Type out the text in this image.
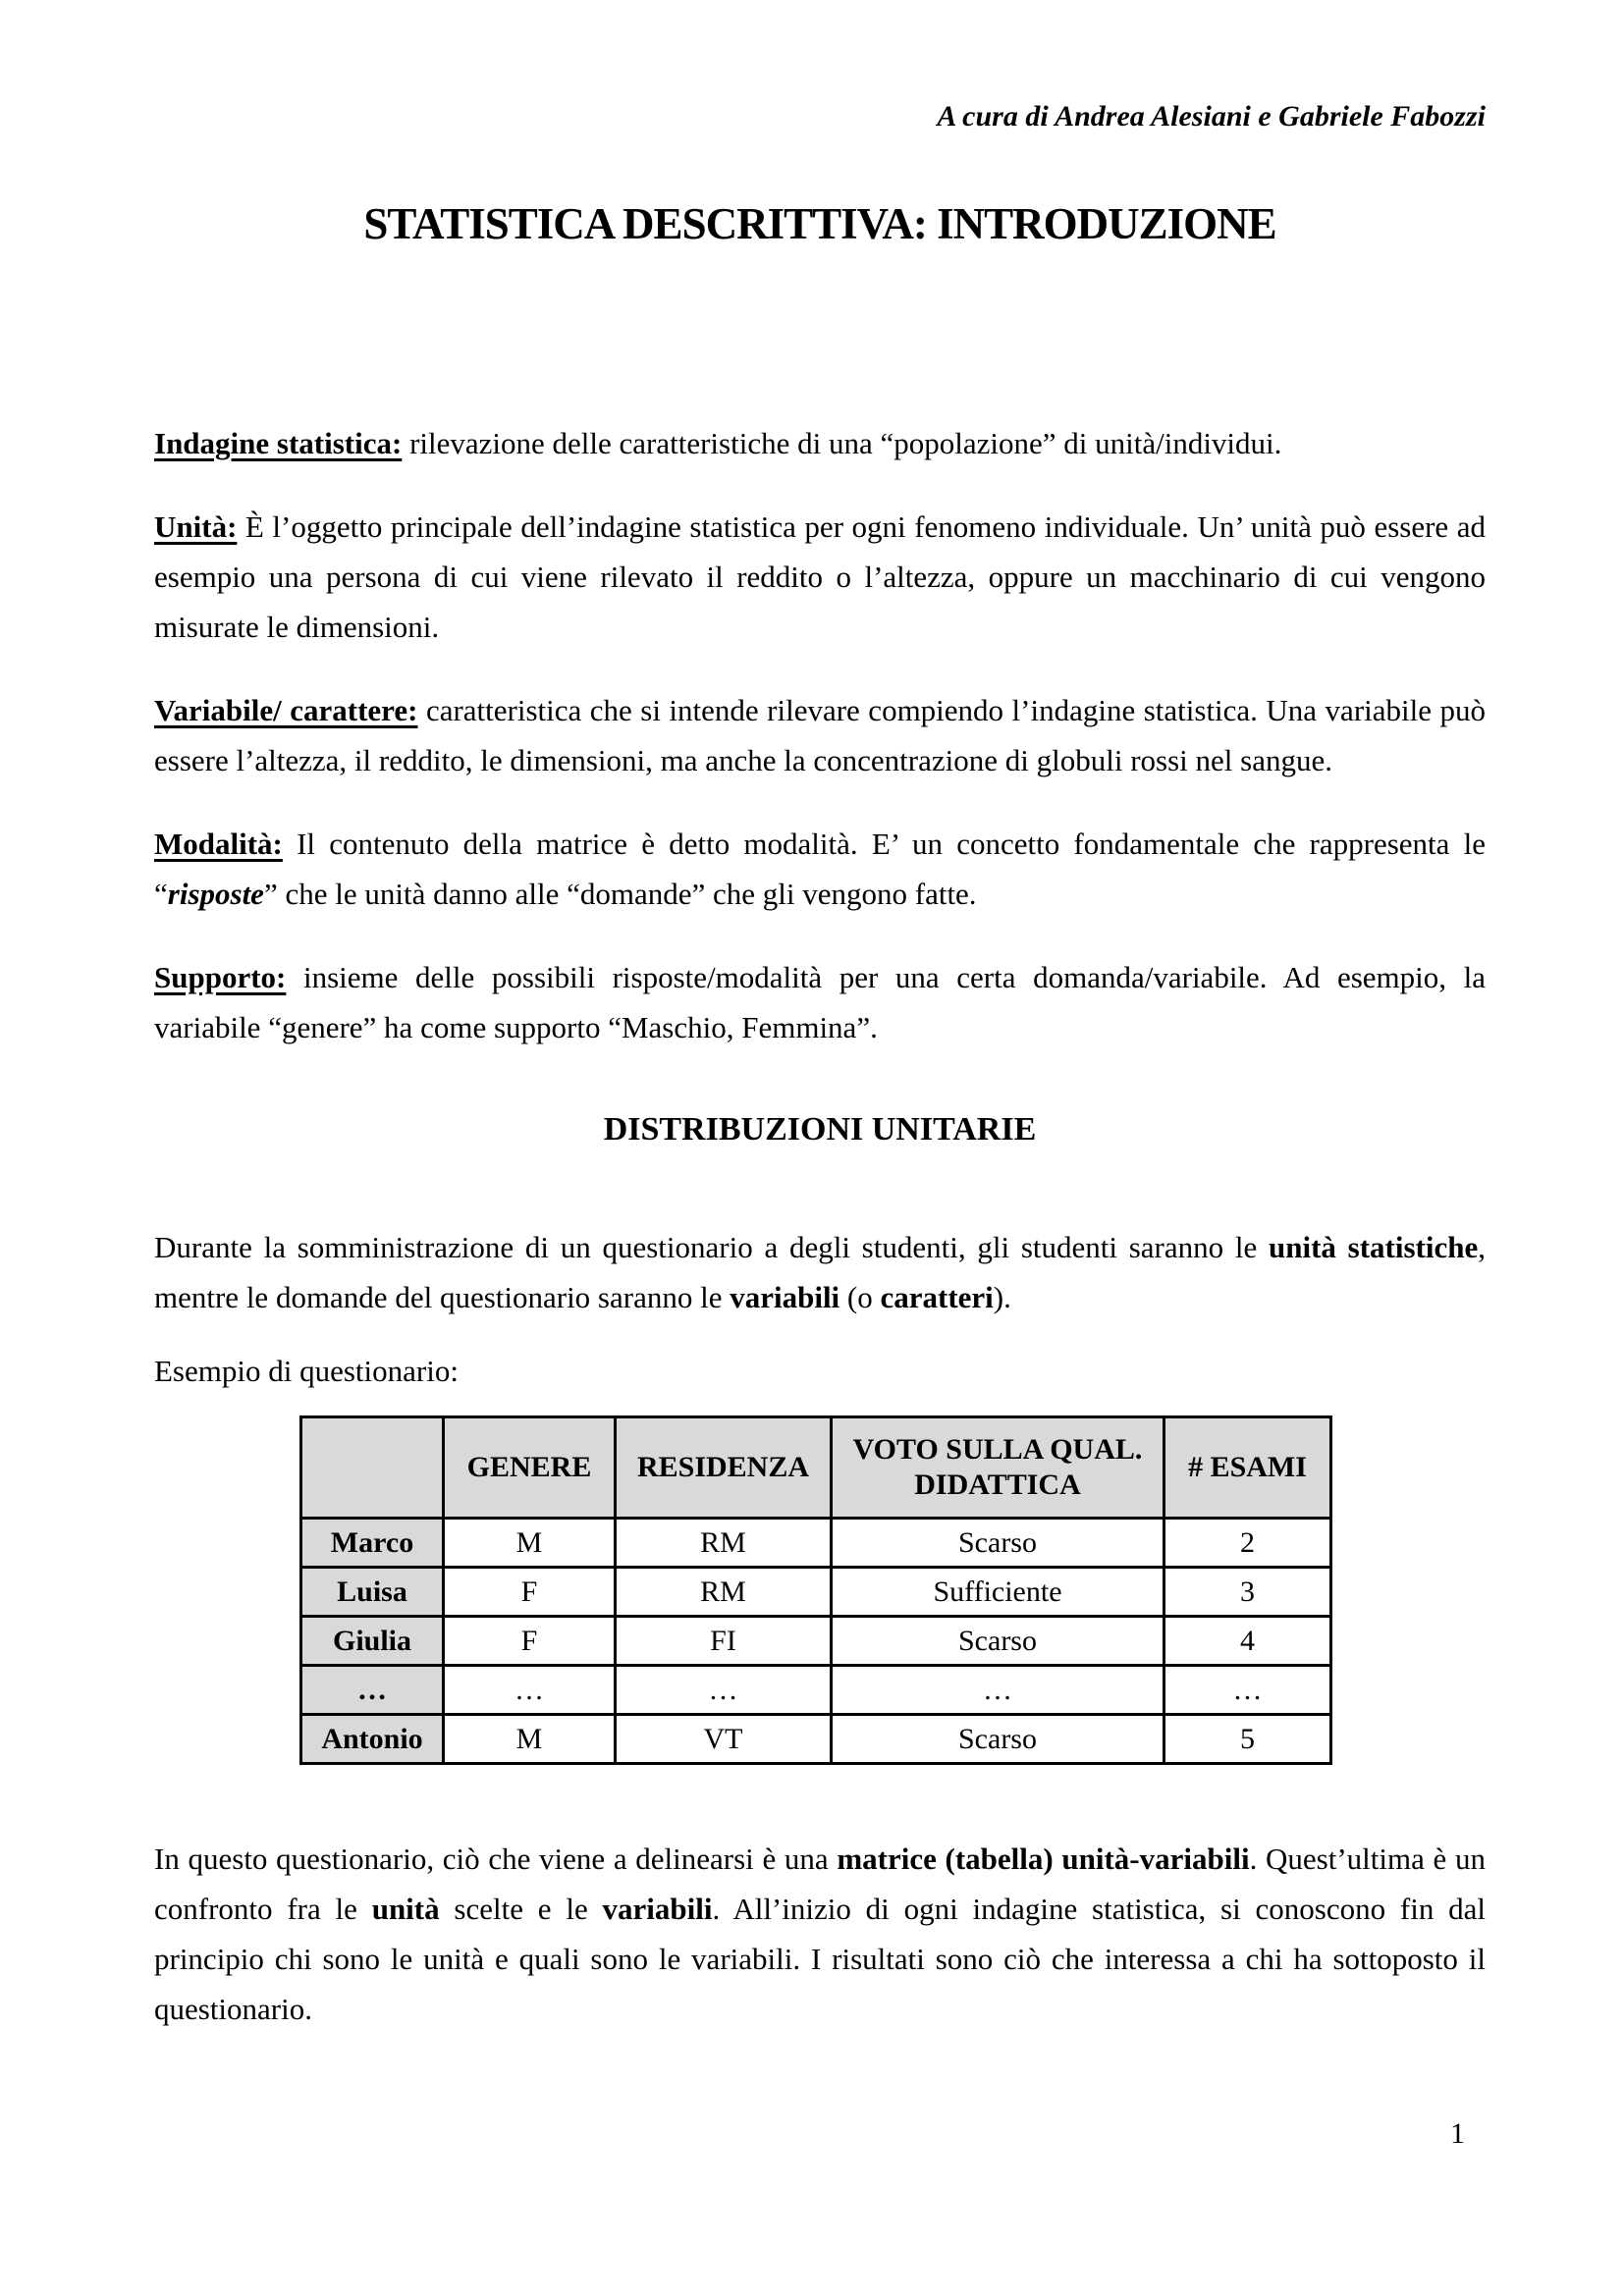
A cura di Andrea Alesiani e Gabriele Fabozzi
STATISTICA DESCRITTIVA: INTRODUZIONE

Indagine statistica: rilevazione delle caratteristiche di una “popolazione” di unità/individui.

Unità: È l’oggetto principale dell’indagine statistica per ogni fenomeno individuale. Un’ unità può essere ad esempio una persona di cui viene rilevato il reddito o l’altezza, oppure un macchinario di cui vengono misurate le dimensioni.

Variabile/ carattere: caratteristica che si intende rilevare compiendo l’indagine statistica. Una variabile può essere l’altezza, il reddito, le dimensioni, ma anche la concentrazione di globuli rossi nel sangue.

Modalità: Il contenuto della matrice è detto modalità. E’ un concetto fondamentale che rappresenta le “risposte” che le unità danno alle “domande” che gli vengono fatte.

Supporto: insieme delle possibili risposte/modalità per una certa domanda/variabile. Ad esempio, la variabile “genere” ha come supporto “Maschio, Femmina”.

DISTRIBUZIONI UNITARIE

Durante la somministrazione di un questionario a degli studenti, gli studenti saranno le unità statistiche, mentre le domande del questionario saranno le variabili (o caratteri).

Esempio di questionario:

	GENERE	RESIDENZA	VOTO SULLA QUAL. DIDATTICA	# ESAMI
Marco	M	RM	Scarso	2
Luisa	F	RM	Sufficiente	3
Giulia	F	FI	Scarso	4
…	…	…	…	…
Antonio	M	VT	Scarso	5

In questo questionario, ciò che viene a delinearsi è una matrice (tabella) unità-variabili. Quest’ultima è un confronto fra le unità scelte e le variabili. All’inizio di ogni indagine statistica, si conoscono fin dal principio chi sono le unità e quali sono le variabili. I risultati sono ciò che interessa a chi ha sottoposto il questionario.

1
